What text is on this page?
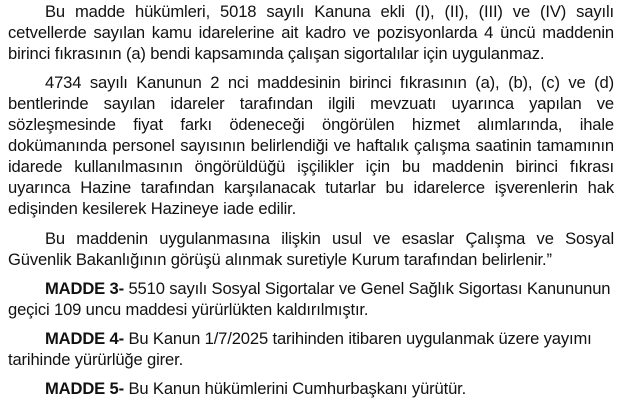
Bu madde hükümleri, 5018 sayılı Kanuna ekli (I), (II), (III) ve (IV) sayılı cetvellerde sayılan kamu idarelerine ait kadro ve pozisyonlarda 4 üncü maddenin birinci fıkrasının (a) bendi kapsamında çalışan sigortalılar için uygulanmaz.

4734 sayılı Kanunun 2 nci maddesinin birinci fıkrasının (a), (b), (c) ve (d) bentlerinde sayılan idareler tarafından ilgili mevzuatı uyarınca yapılan ve sözleşmesinde fiyat farkı ödeneceği öngörülen hizmet alımlarında, ihale dokümanında personel sayısının belirlendiği ve haftalık çalışma saatinin tamamının idarede kullanılmasının öngörüldüğü işçilikler için bu maddenin birinci fıkrası uyarınca Hazine tarafından karşılanacak tutarlar bu idarelerce işverenlerin hak edişinden kesilerek Hazineye iade edilir.

Bu maddenin uygulanmasına ilişkin usul ve esaslar Çalışma ve Sosyal Güvenlik Bakanlığının görüşü alınmak suretiyle Kurum tarafından belirlenir.”

MADDE 3- 5510 sayılı Sosyal Sigortalar ve Genel Sağlık Sigortası Kanununun geçici 109 uncu maddesi yürürlükten kaldırılmıştır.

MADDE 4- Bu Kanun 1/7/2025 tarihinden itibaren uygulanmak üzere yayımı tarihinde yürürlüğe girer.

MADDE 5- Bu Kanun hükümlerini Cumhurbaşkanı yürütür.
